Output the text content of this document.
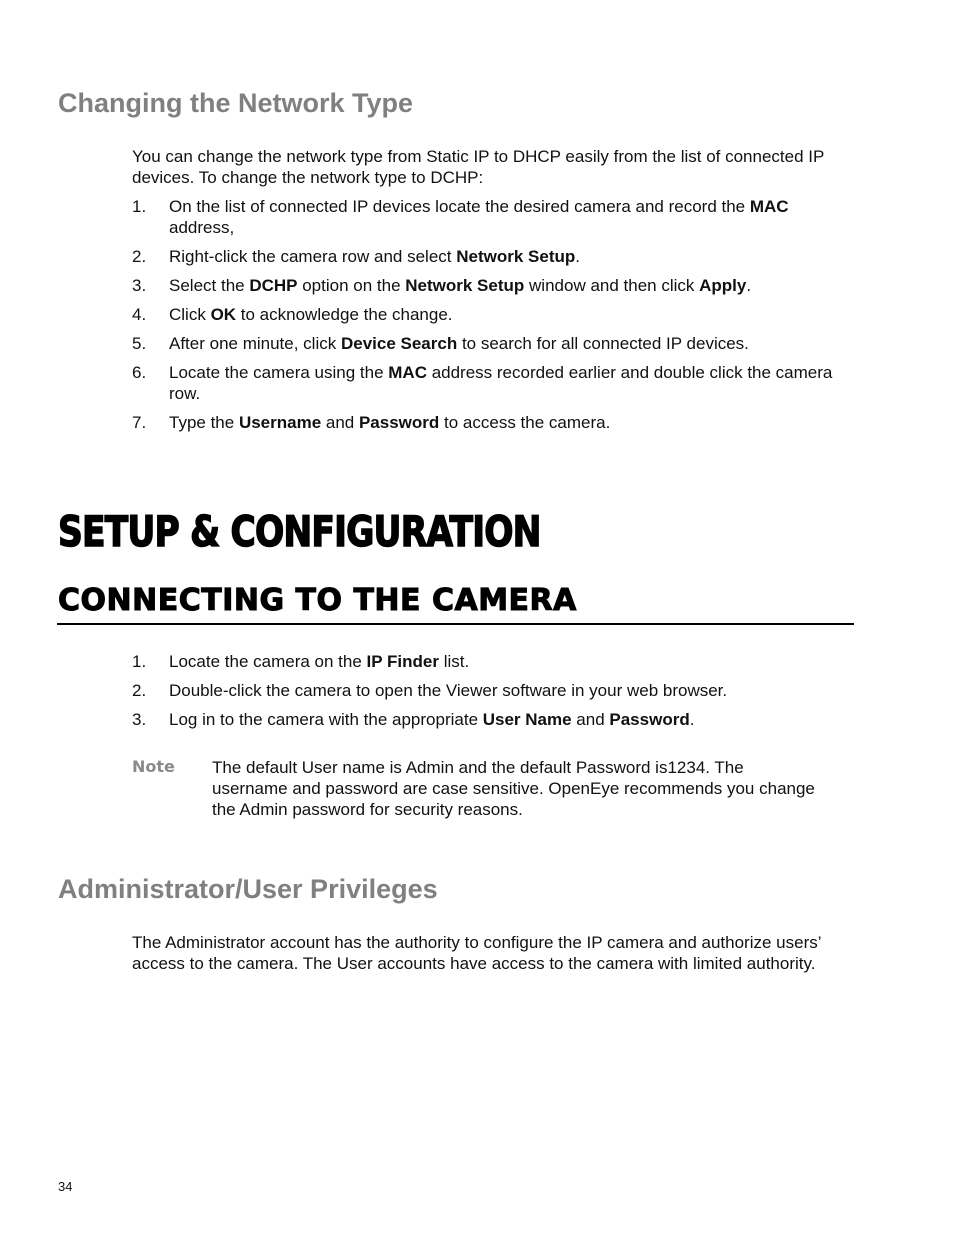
Changing the Network Type

You can change the network type from Static IP to DHCP easily from the list of connected IP devices. To change the network type to DCHP:

1. On the list of connected IP devices locate the desired camera and record the MAC address,
2. Right-click the camera row and select Network Setup.
3. Select the DCHP option on the Network Setup window and then click Apply.
4. Click OK to acknowledge the change.
5. After one minute, click Device Search to search for all connected IP devices.
6. Locate the camera using the MAC address recorded earlier and double click the camera row.
7. Type the Username and Password to access the camera.
SETUP & CONFIGURATION
CONNECTING TO THE CAMERA
1. Locate the camera on the IP Finder list.
2. Double-click the camera to open the Viewer software in your web browser.
3. Log in to the camera with the appropriate User Name and Password.

Note The default User name is Admin and the default Password is1234. The username and password are case sensitive. OpenEye recommends you change the Admin password for security reasons.

Administrator/User Privileges

The Administrator account has the authority to configure the IP camera and authorize users’ access to the camera. The User accounts have access to the camera with limited authority.

34
